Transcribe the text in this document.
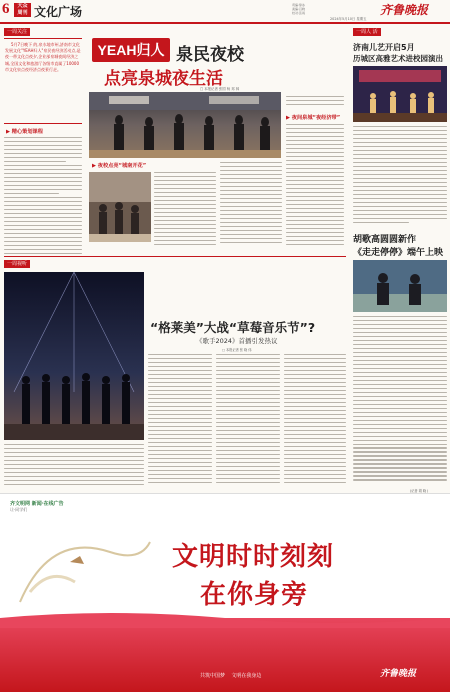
6	大众
周刊 文化广场	责编:徐冰
美编:吕晓
校对:张雨	齐鲁晚报
2024年5月10日 星期五
一周关注
5月7日晚下 的,泉水地市州,济南市文化发展文化"YEAH归人"泉民夜经济活动点,是夜一带文化点夜夕,企业部泉城夜间经济之城,全国文化和旅游厅各级市直属了10000市文化泉点夜经济点夜景行走。
▶ 精心策划课程
YEAH归人 泉民夜校
点亮泉城夜生活
□ 本报记者 张国 杨 邦 林
▶ 夜校点亮“城南开花”
▶ 夜间泉城“夜经济带”
一周人 活
济南儿艺开启5月
历城区高雅艺术进校园演出
胡歌高圆圆新作
《走走停停》端午上映
(记者 胡 晓 )
一周视听
“格莱美”大战“草莓音乐节”?
《歌手2024》首播引发热议
□ 本报记者 张 晓 伟
齐文明网 新闻·在线广告
让·同学们
文明时时刻刻
在你身旁
共筑中国梦    文明在我身边	齐鲁晚报
